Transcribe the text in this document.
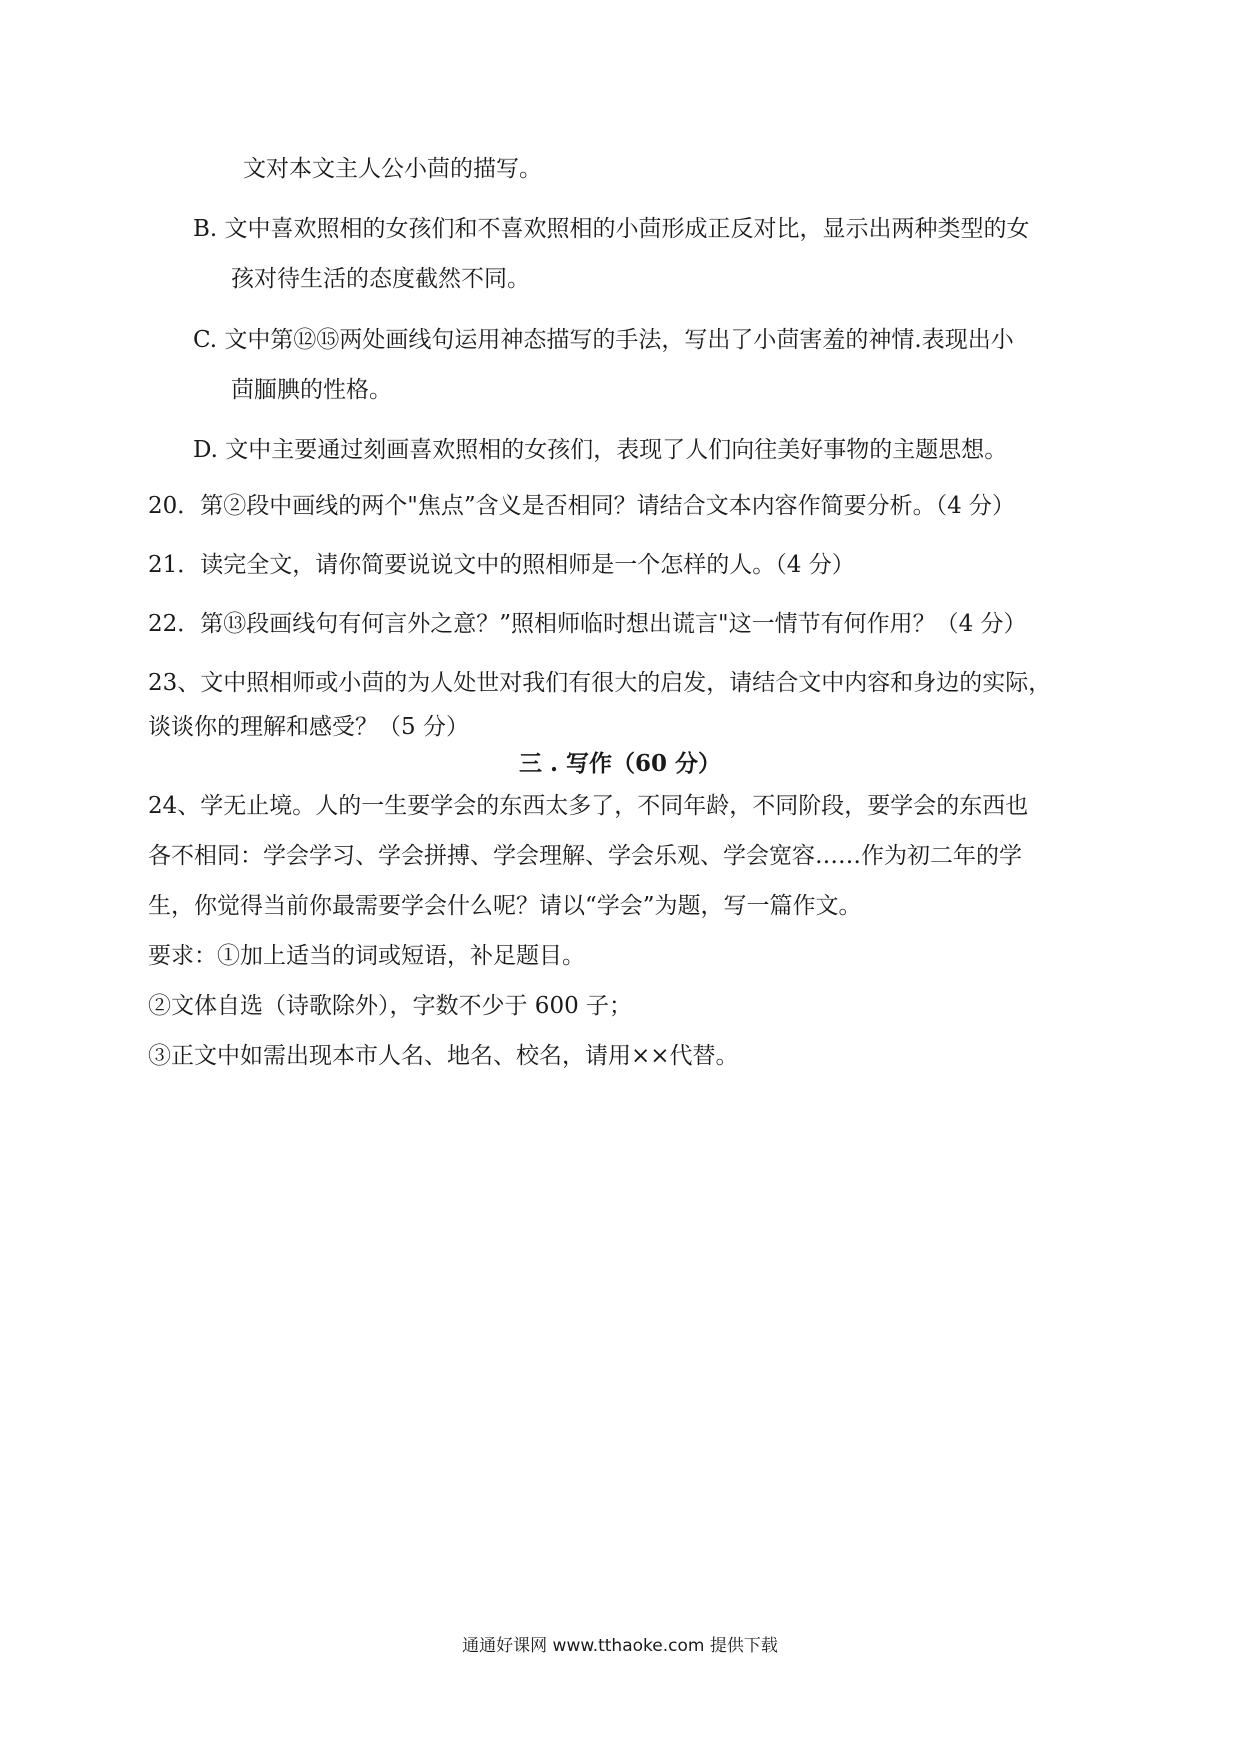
文对本文主人公小茴的描写。
B. 文中喜欢照相的女孩们和不喜欢照相的小茴形成正反对比，显示出两种类型的女
孩对待生活的态度截然不同。
C. 文中第⑫⑮两处画线句运用神态描写的手法，写出了小茴害羞的神情.表现出小
茴腼腆的性格。
D. 文中主要通过刻画喜欢照相的女孩们，表现了人们向往美好事物的主题思想。
20．第②段中画线的两个"焦点”含义是否相同？请结合文本内容作简要分析。（4 分）
21．读完全文，请你简要说说文中的照相师是一个怎样的人。（4 分）
22．第⑬段画线句有何言外之意？”照相师临时想出谎言"这一情节有何作用？（4 分）
23、文中照相师或小茴的为人处世对我们有很大的启发，请结合文中内容和身边的实际，
谈谈你的理解和感受？（5 分）
三 . 写作（60 分）
24、学无止境。人的一生要学会的东西太多了，不同年龄，不同阶段，要学会的东西也
各不相同：学会学习、学会拼搏、学会理解、学会乐观、学会宽容……作为初二年的学
生，你觉得当前你最需要学会什么呢？请以“学会”为题，写一篇作文。
要求：①加上适当的词或短语，补足题目。
②文体自选（诗歌除外），字数不少于 600 子；
③正文中如需出现本市人名、地名、校名，请用××代替。
通通好课网 www.tthaoke.com 提供下载
